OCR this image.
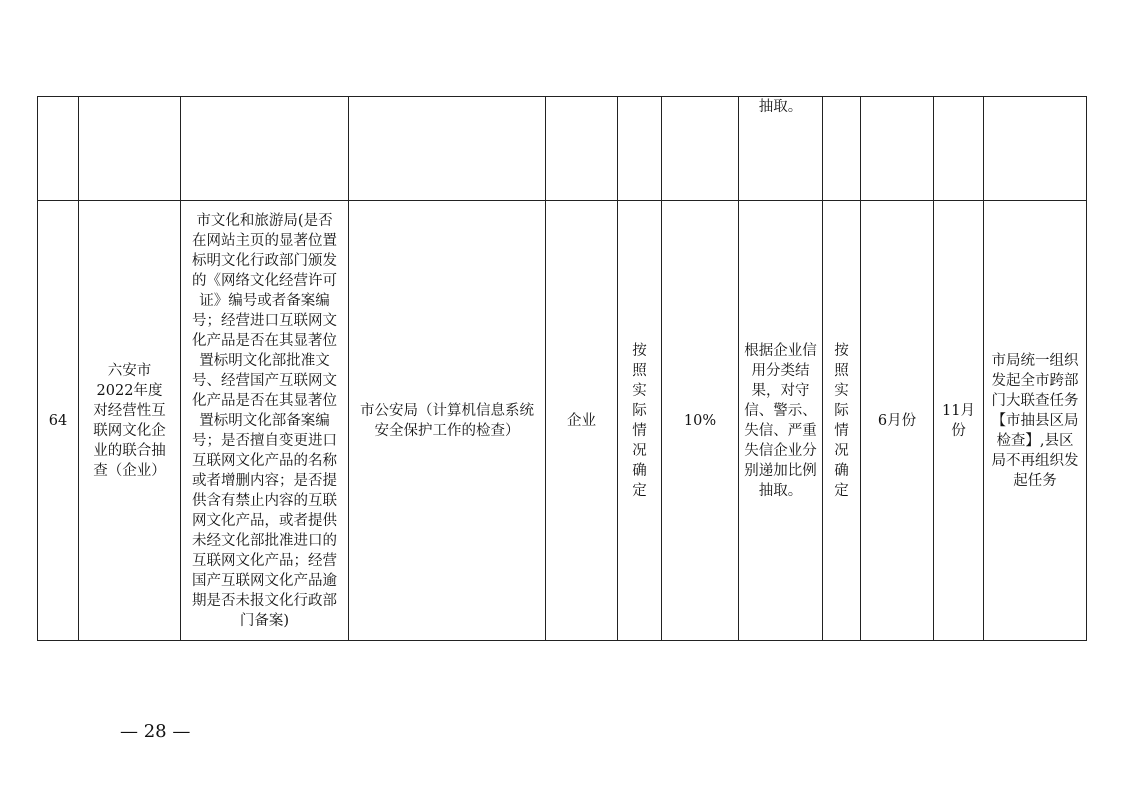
							抽取。				
64	六安市2022年度对经营性互联网文化企业的联合抽查（企业）	市文化和旅游局(是否在网站主页的显著位置标明文化行政部门颁发的《网络文化经营许可证》编号或者备案编号；经营进口互联网文化产品是否在其显著位置标明文化部批准文号、经营国产互联网文化产品是否在其显著位置标明文化部备案编号；是否擅自变更进口互联网文化产品的名称或者增删内容；是否提供含有禁止内容的互联网文化产品，或者提供未经文化部批准进口的互联网文化产品；经营国产互联网文化产品逾期是否未报文化行政部门备案)	市公安局（计算机信息系统安全保护工作的检查）	企业	按照实际情况确定	10%	根据企业信用分类结果，对守信、警示、失信、严重失信企业分别递加比例抽取。	按照实际情况确定	6月份	11月份	市局统一组织发起全市跨部门大联查任务【市抽县区局检查】,县区局不再组织发起任务
— 28 —
